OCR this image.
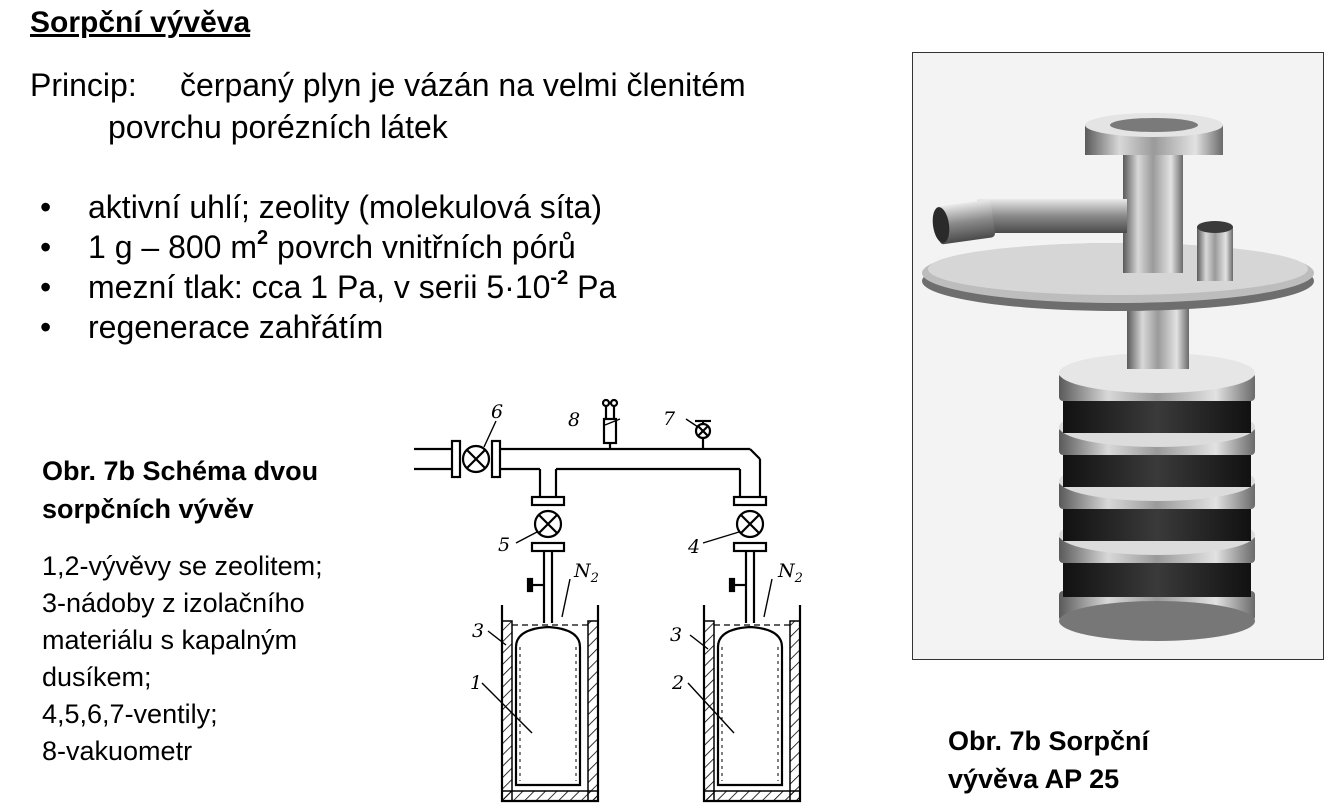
Sorpční vývěva
Princip: čerpaný plyn je vázán na velmi členitém
povrchu porézních látek
• aktivní uhlí; zeolity (molekulová síta)
• 1 g – 800 $m^2$ povrch vnitřních pórů
• mezní tlak: cca 1 Pa, v serii $5\cdot 10^{-2}$ Pa
• regenerace zahřátím
Obr. 7b Schéma dvou
sorpčních vývěv
1,2-vývěvy se zeolitem;
3-nádoby z izolačního
materiálu s kapalným
dusíkem;
4,5,6,7-ventily;
8-vakuometr
6	8	7
5	4
3	3
1	2
$N_2$	$N_2$
Obr. 7b Sorpční
vývěva AP 25
